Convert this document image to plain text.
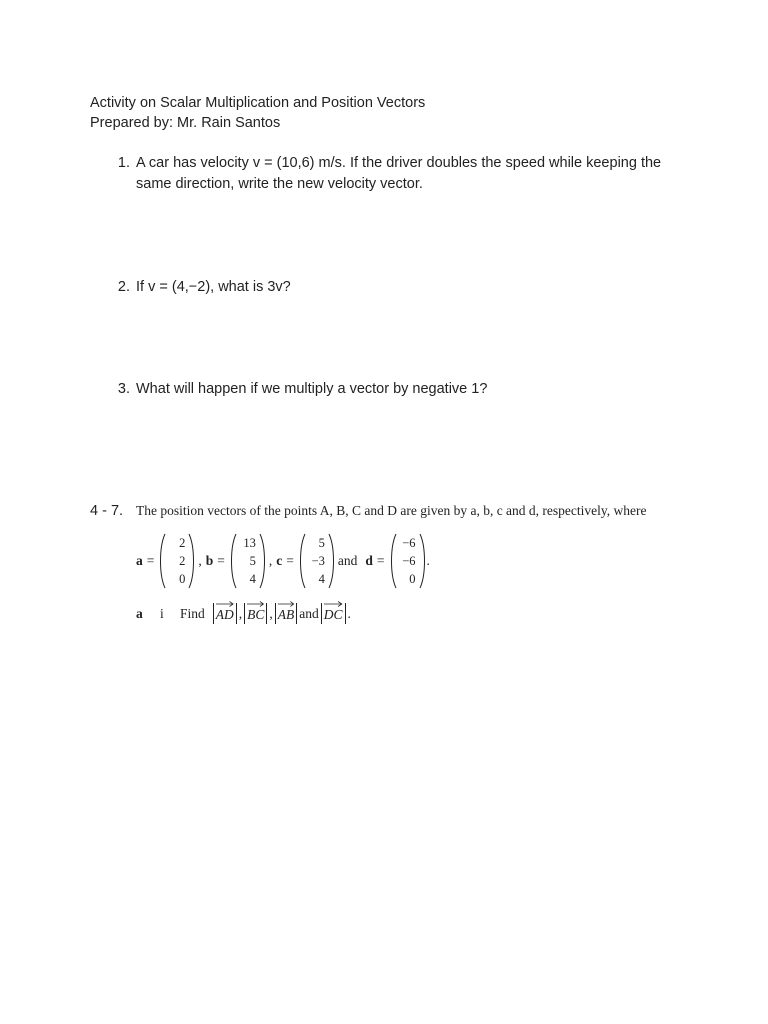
Activity on Scalar Multiplication and Position Vectors
Prepared by: Mr. Rain Santos
1. A car has velocity v = (10,6) m/s. If the driver doubles the speed while keeping the same direction, write the new velocity vector.
2. If v = (4,−2), what is 3v?
3. What will happen if we multiply a vector by negative 1?
4 - 7. The position vectors of the points A, B, C and D are given by a, b, c and d, respectively, where
a =
2
2
0
, b =
13
5
4
, c =
5
−3
4
and d =
−6
−6
0
.
a	i	Find AD , BC , AB and DC .
